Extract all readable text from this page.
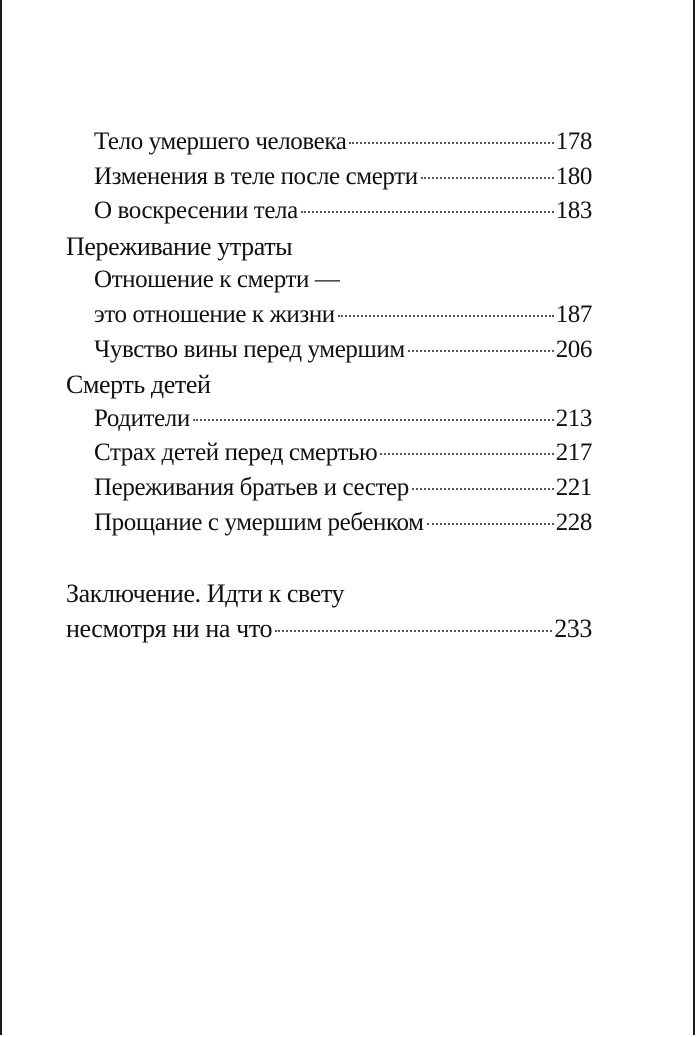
Тело умершего человека	178
Изменения в теле после смерти	180
О воскресении тела	183
Переживание утраты
Отношение к смерти —
это отношение к жизни	187
Чувство вины перед умершим	206
Смерть детей
Родители	213
Страх детей перед смертью	217
Переживания братьев и сестер	221
Прощание с умершим ребенком	228
Заключение. Идти к свету
несмотря ни на что	233
